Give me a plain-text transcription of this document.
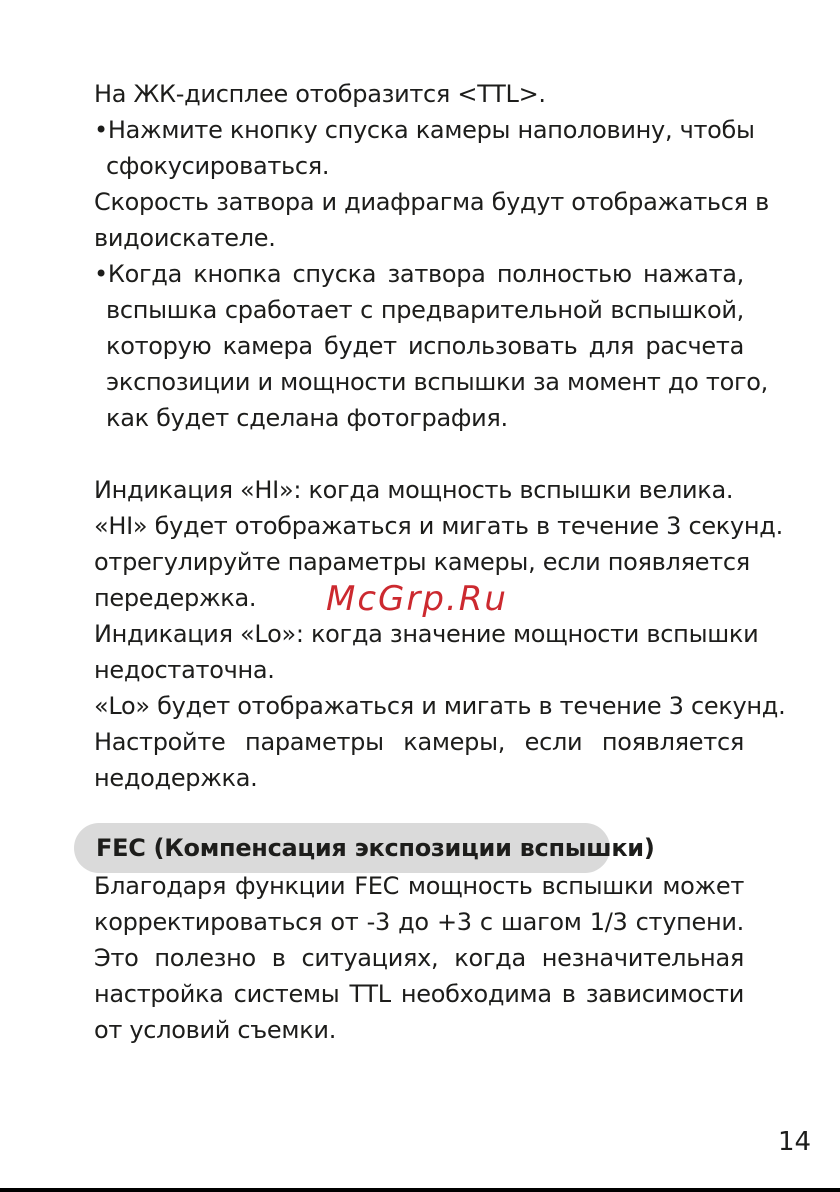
На ЖК-дисплее отобразится <TTL>.
•Нажмите кнопку спуска камеры наполовину, чтобы
сфокусироваться.
Скорость затвора и диафрагма будут отображаться в
видоискателе.
•Когда кнопка спуска затвора полностью нажата,
вспышка сработает с предварительной вспышкой,
которую камера будет использовать для расчета
экспозиции и мощности вспышки за момент до того,
как будет сделана фотография.
Индикация «HI»: когда мощность вспышки велика.
«HI» будет отображаться и мигать в течение 3 секунд.
отрегулируйте параметры камеры, если появляется
передержка.
Индикация «Lo»: когда значение мощности вспышки
недостаточна.
«Lo» будет отображаться и мигать в течение 3 секунд.
Настройте параметры камеры, если появляется
недодержка.
McGrp.Ru
FEC (Компенсация экспозиции вспышки)
Благодаря функции FEC мощность вспышки может
корректироваться от -3 до +3 с шагом 1/3 ступени.
Это полезно в ситуациях, когда незначительная
настройка системы TTL необходима в зависимости
от условий съемки.
14
